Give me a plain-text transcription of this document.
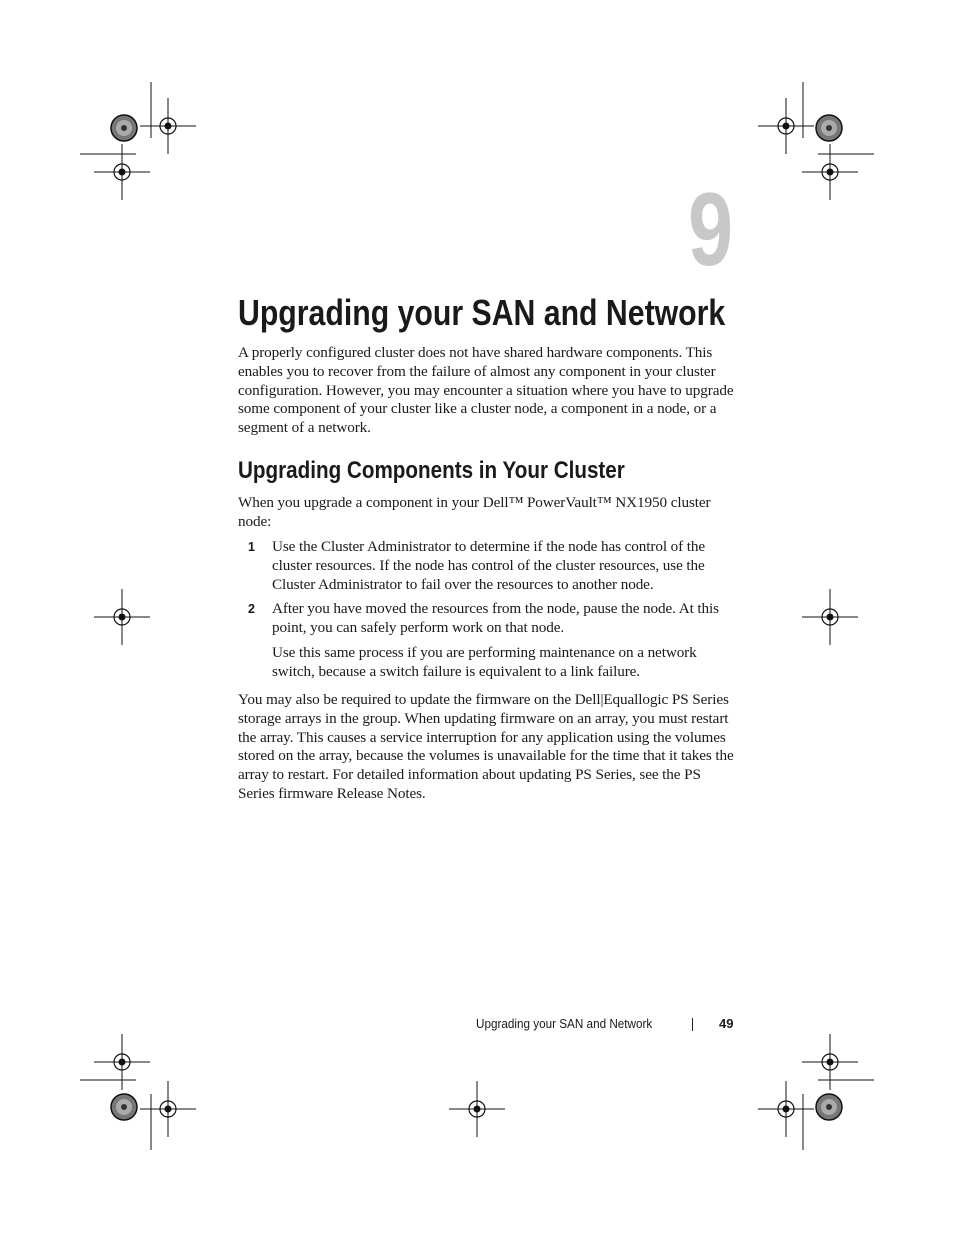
9
Upgrading your SAN and Network

A properly configured cluster does not have shared hardware components. This enables you to recover from the failure of almost any component in your cluster configuration. However, you may encounter a situation where you have to upgrade some component of your cluster like a cluster node, a component in a node, or a segment of a network.

Upgrading Components in Your Cluster

When you upgrade a component in your Dell™ PowerVault™ NX1950 cluster node:

1 Use the Cluster Administrator to determine if the node has control of the cluster resources. If the node has control of the cluster resources, use the Cluster Administrator to fail over the resources to another node.

2 After you have moved the resources from the node, pause the node. At this point, you can safely perform work on that node.

Use this same process if you are performing maintenance on a network switch, because a switch failure is equivalent to a link failure.

You may also be required to update the firmware on the Dell|Equallogic PS Series storage arrays in the group. When updating firmware on an array, you must restart the array. This causes a service interruption for any application using the volumes stored on the array, because the volumes is unavailable for the time that it takes the array to restart. For detailed information about updating PS Series, see the PS Series firmware Release Notes.

Upgrading your SAN and Network	49
